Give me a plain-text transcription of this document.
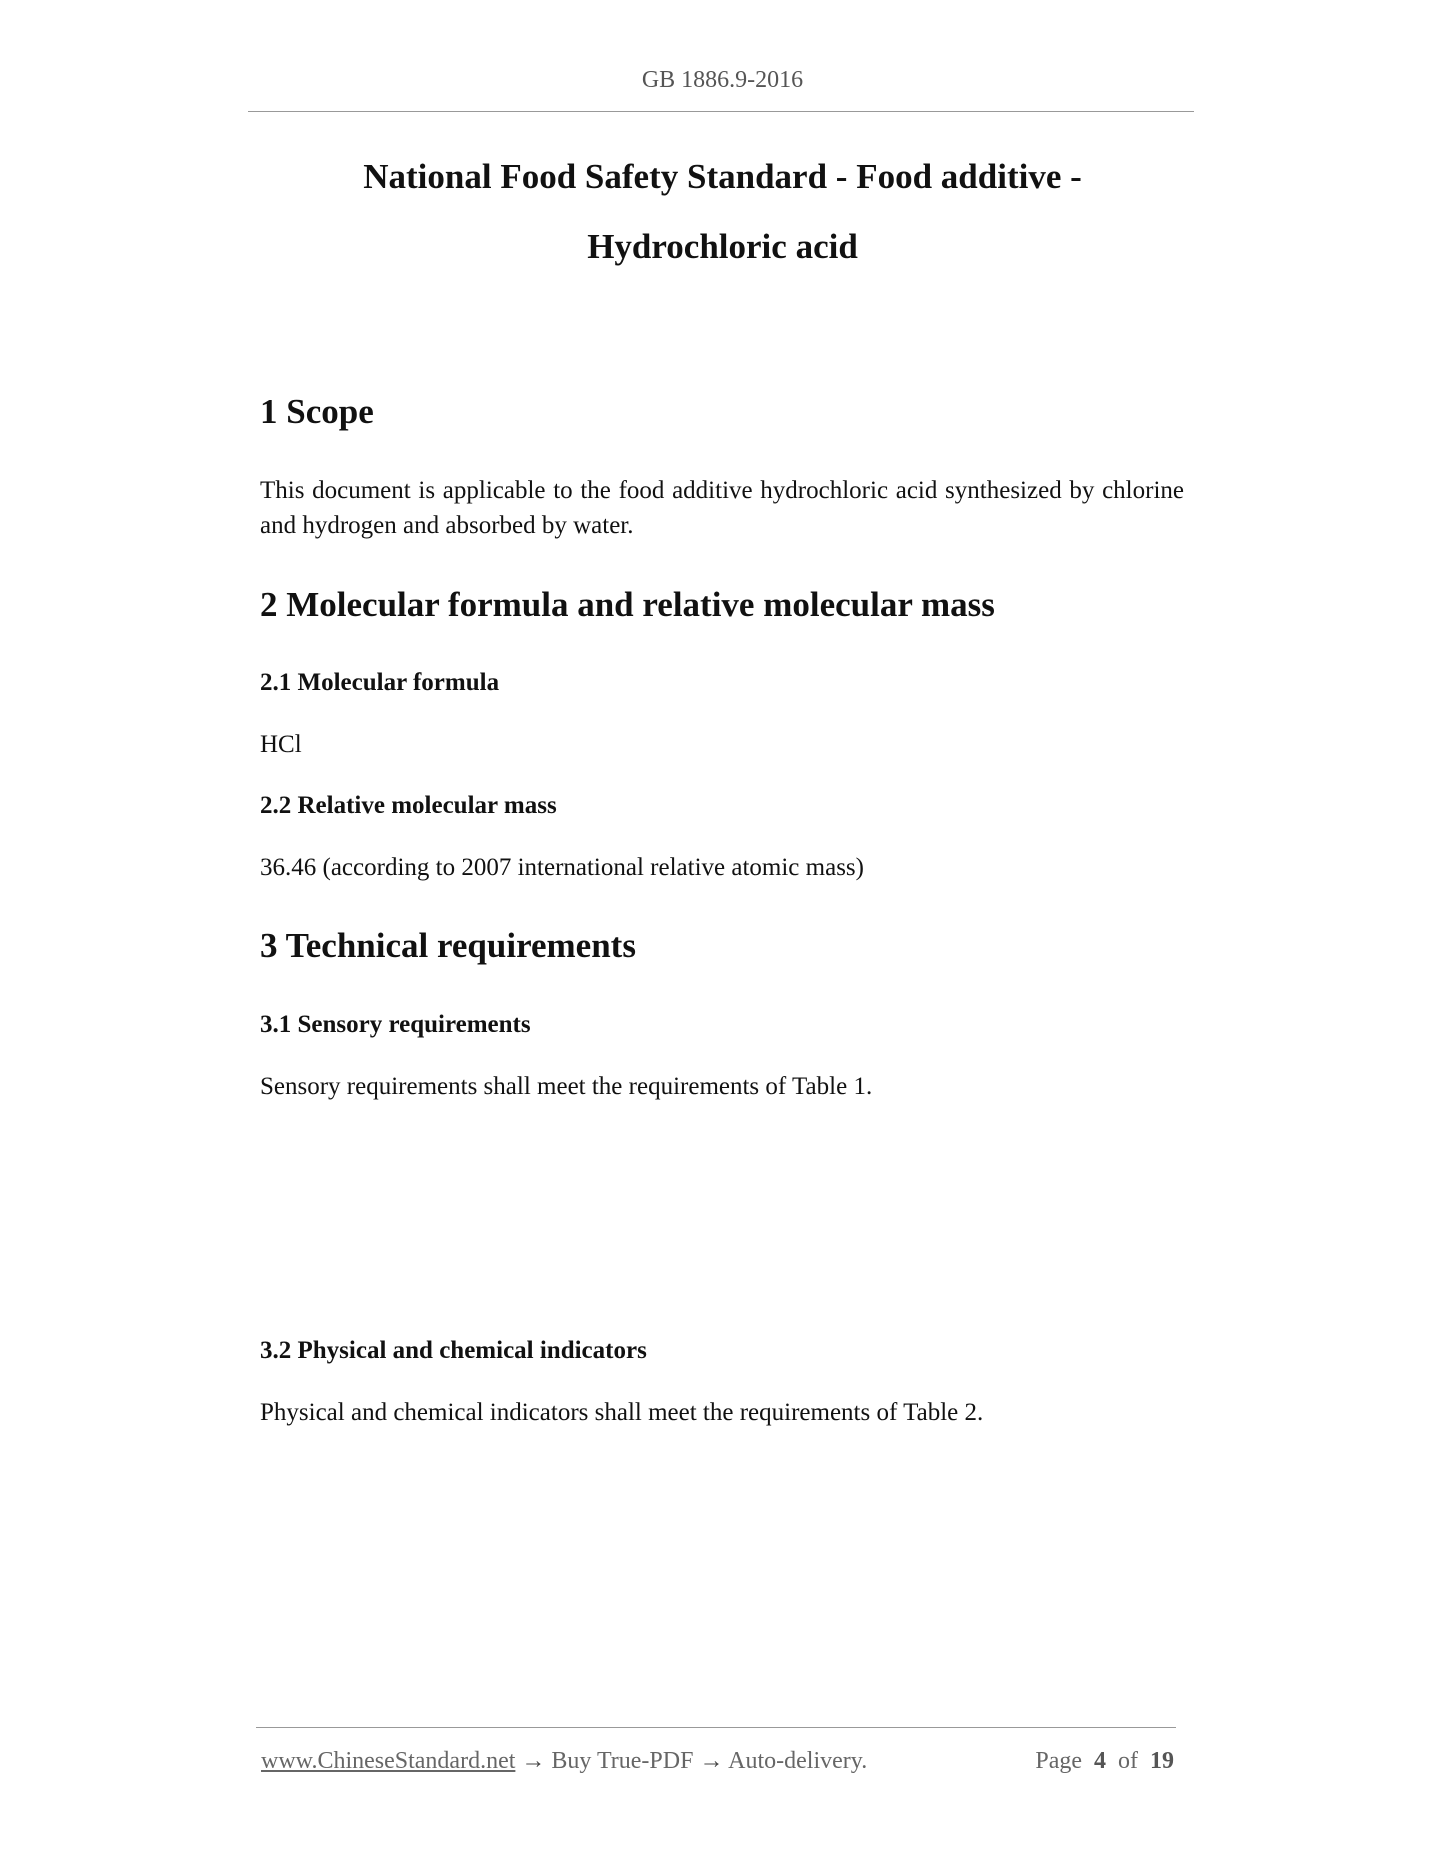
GB 1886.9-2016
National Food Safety Standard - Food additive -
Hydrochloric acid
1 Scope

This document is applicable to the food additive hydrochloric acid synthesized by chlorine and hydrogen and absorbed by water.

2 Molecular formula and relative molecular mass
2.1 Molecular formula

HCl

2.2 Relative molecular mass

36.46 (according to 2007 international relative atomic mass)

3 Technical requirements
3.1 Sensory requirements

Sensory requirements shall meet the requirements of Table 1.

3.2 Physical and chemical indicators

Physical and chemical indicators shall meet the requirements of Table 2.

www.ChineseStandard.net → Buy True-PDF → Auto-delivery.	Page 4 of 19
